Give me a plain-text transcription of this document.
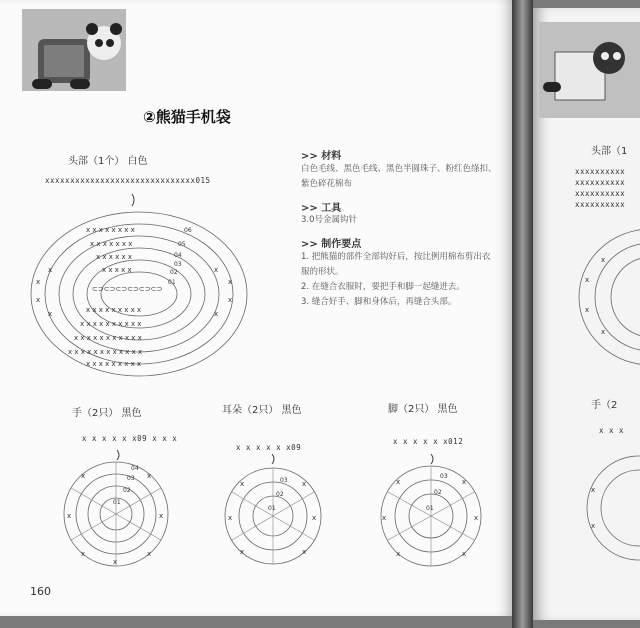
②熊猫手机袋
头部（1个） 白色
xxxxxxxxxxxxxxxxxxxxxxxxxxxxxx015
⊂⊃⊂⊃⊂⊃⊂⊃⊂⊃⊂⊃
x x x x x x x x
x x x x x x x
x x x x x x
x x x x x
x x x x x x x x x
x x x x x x x x x x
x x x x x x x x x x x
x x x x x x x x x x x x
x x x x x x x x x
x
x
x
x
x
x
x
x
06
05
04
03
02
01
>> 材料
白色毛线、黑色毛线、黑色半圆珠子、粉红色绦扣、
紫色碎花棉布
>> 工具
3.0号金属钩针
>> 制作要点
1. 把熊猫的部件全部钩好后，按比例用棉布剪出衣
服的形状。
2. 在缝合衣服时，要把手和脚一起缝进去。
3. 缝合好手、脚和身体后，再缝合头部。
手（2只） 黑色
x x x x x x09 x x x
耳朵（2只） 黑色
x x x x x x09
脚（2只） 黑色
x x x x x x012
x	x
x	x
x	x
x
04
03
02
01
x	x
x	x
x	x
03
02
01
x	x
x	x
x	x
03
02
01
160
头部（1
xxxxxxxxxx
xxxxxxxxxx
xxxxxxxxxx
xxxxxxxxxx
x
x
x
x
手（2
x x x
x
x
